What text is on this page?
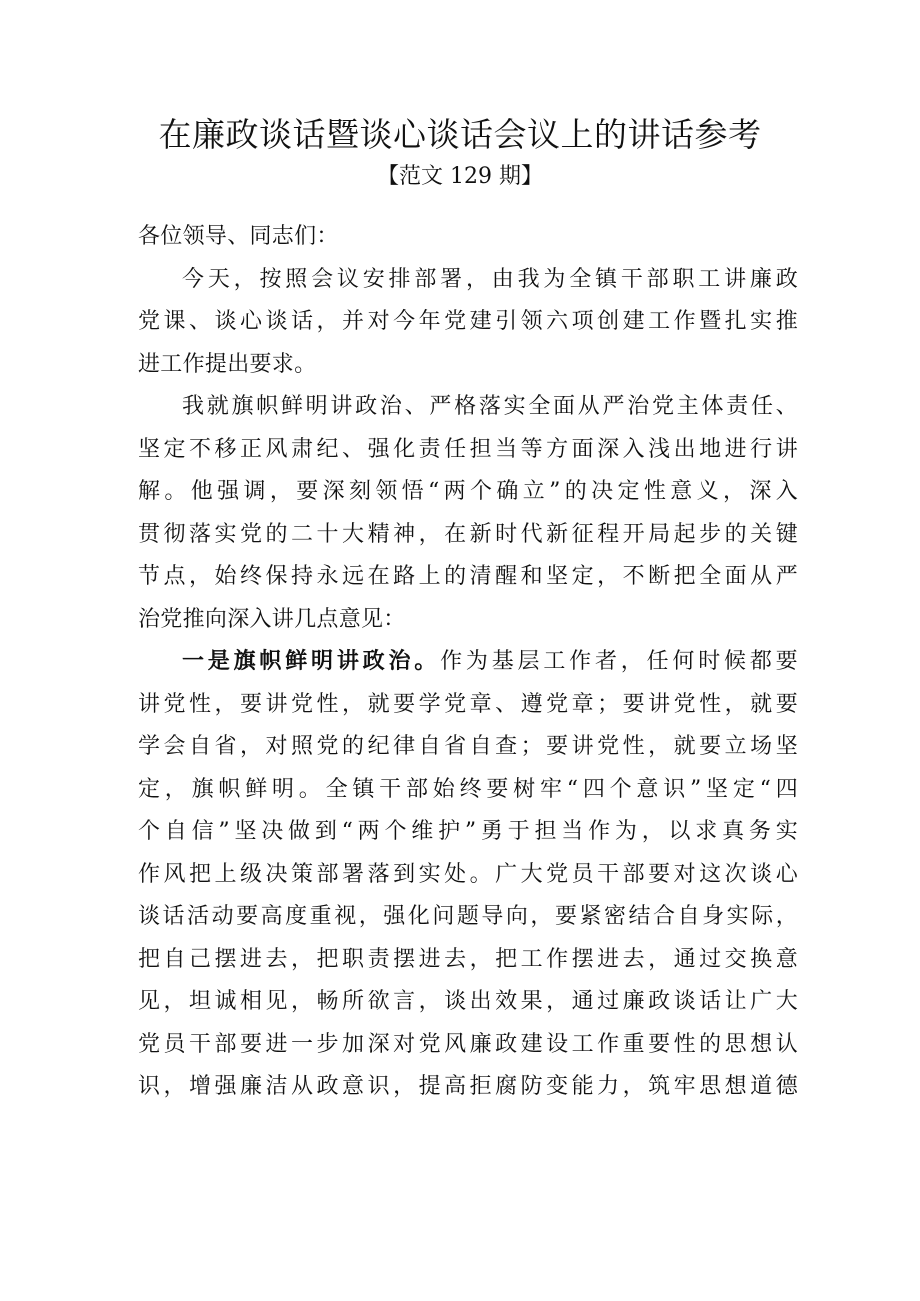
在廉政谈话暨谈心谈话会议上的讲话参考
【范文 129 期】
各位领导、同志们：
今天，按照会议安排部署，由我为全镇干部职工讲廉政
党课、谈心谈话，并对今年党建引领六项创建工作暨扎实推
进工作提出要求。
我就旗帜鲜明讲政治、严格落实全面从严治党主体责任、
坚定不移正风肃纪、强化责任担当等方面深入浅出地进行讲
解。他强调，要深刻领悟“两个确立”的决定性意义，深入
贯彻落实党的二十大精神，在新时代新征程开局起步的关键
节点，始终保持永远在路上的清醒和坚定，不断把全面从严
治党推向深入讲几点意见：
一是旗帜鲜明讲政治。作为基层工作者，任何时候都要
讲党性，要讲党性，就要学党章、遵党章；要讲党性，就要
学会自省，对照党的纪律自省自查；要讲党性，就要立场坚
定，旗帜鲜明。全镇干部始终要树牢“四个意识”坚定“四
个自信”坚决做到“两个维护”勇于担当作为，以求真务实
作风把上级决策部署落到实处。广大党员干部要对这次谈心
谈话活动要高度重视，强化问题导向，要紧密结合自身实际，
把自己摆进去，把职责摆进去，把工作摆进去，通过交换意
见，坦诚相见，畅所欲言，谈出效果，通过廉政谈话让广大
党员干部要进一步加深对党风廉政建设工作重要性的思想认
识，增强廉洁从政意识，提高拒腐防变能力，筑牢思想道德
